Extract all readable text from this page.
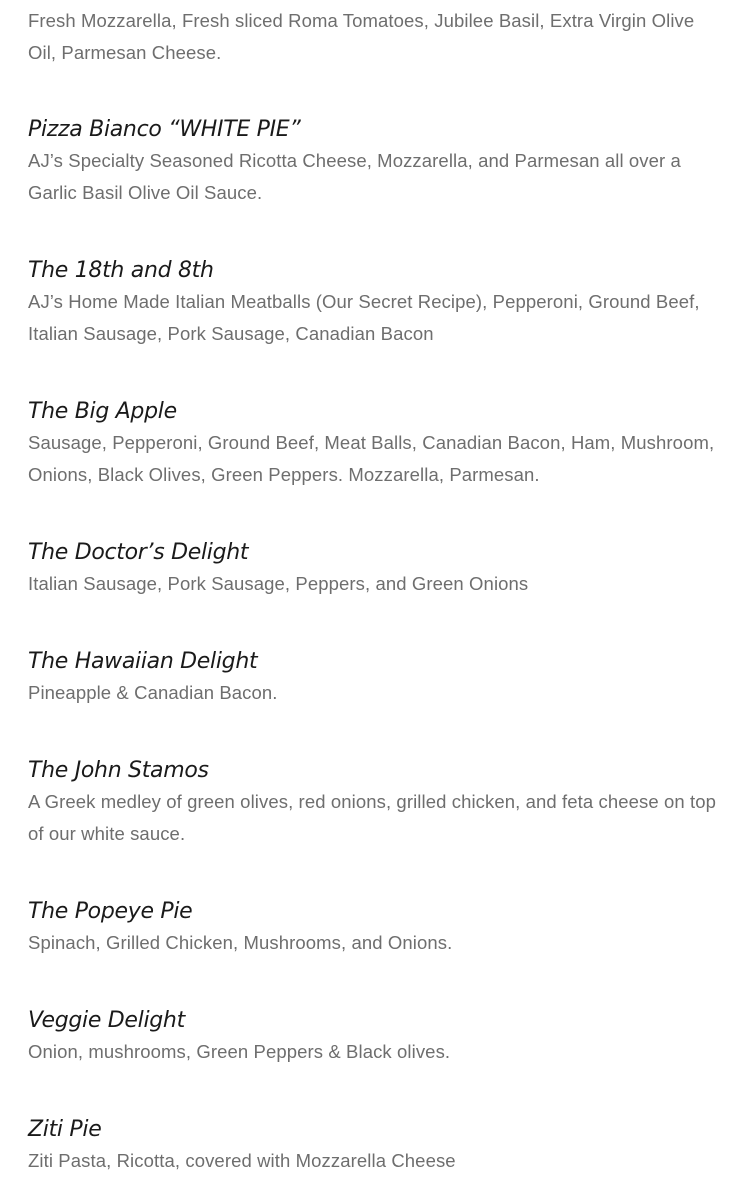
Fresh Mozzarella, Fresh sliced Roma Tomatoes, Jubilee Basil, Extra Virgin Olive Oil, Parmesan Cheese.

Pizza Bianco “WHITE PIE”

AJ’s Specialty Seasoned Ricotta Cheese, Mozzarella, and Parmesan all over a Garlic Basil Olive Oil Sauce.

The 18th and 8th

AJ’s Home Made Italian Meatballs (Our Secret Recipe), Pepperoni, Ground Beef, Italian Sausage, Pork Sausage, Canadian Bacon

The Big Apple

Sausage, Pepperoni, Ground Beef, Meat Balls, Canadian Bacon, Ham, Mushroom, Onions, Black Olives, Green Peppers. Mozzarella, Parmesan.

The Doctor’s Delight

Italian Sausage, Pork Sausage, Peppers, and Green Onions

The Hawaiian Delight

Pineapple & Canadian Bacon.

The John Stamos

A Greek medley of green olives, red onions, grilled chicken, and feta cheese on top of our white sauce.

The Popeye Pie

Spinach, Grilled Chicken, Mushrooms, and Onions.

Veggie Delight

Onion, mushrooms, Green Peppers & Black olives.

Ziti Pie

Ziti Pasta, Ricotta, covered with Mozzarella Cheese
